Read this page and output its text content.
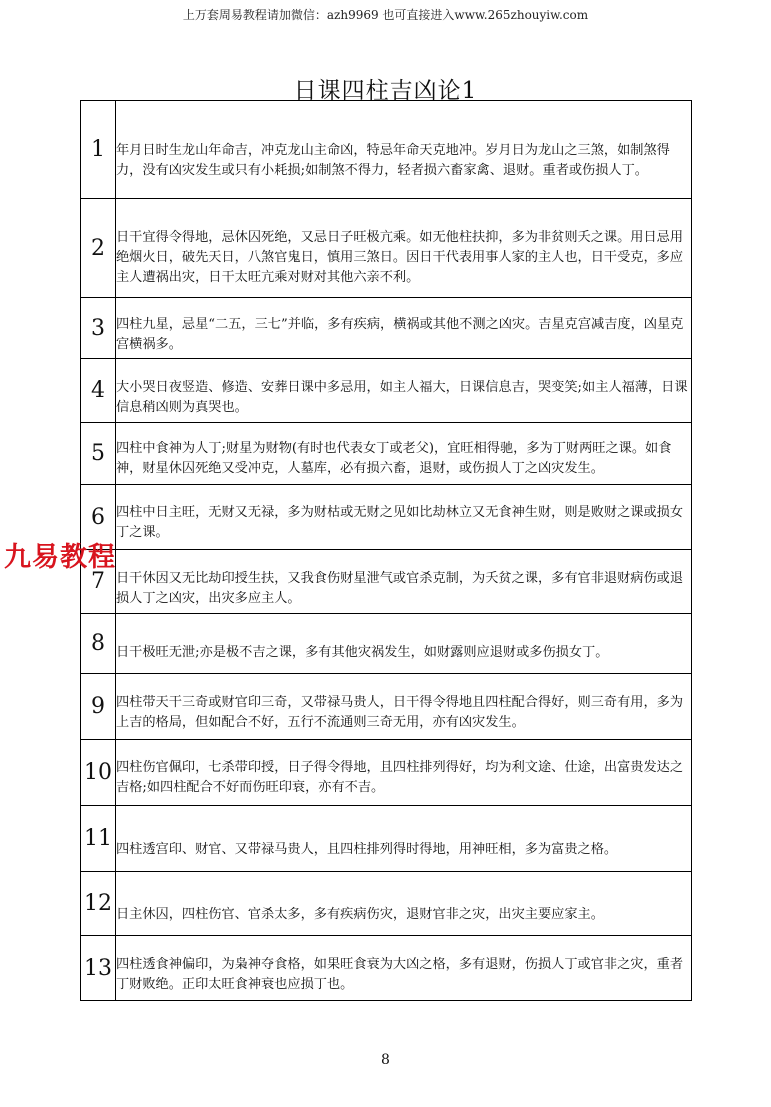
上万套周易教程请加微信：azh9969 也可直接进入www.265zhouyiw.com
日课四柱吉凶论1
1	年月日时生龙山年命吉，冲克龙山主命凶，特忌年命天克地冲。岁月日为龙山之三煞，如制煞得力，没有凶灾发生或只有小耗损;如制煞不得力，轻者损六畜家禽、退财。重者或伤损人丁。

2	日干宜得令得地，忌休囚死绝，又忌日子旺极亢乘。如无他柱扶抑，多为非贫则夭之课。用日忌用绝烟火日，破先天日，八煞官鬼日，慎用三煞日。因日干代表用事人家的主人也，日干受克，多应主人遭祸出灾，日干太旺亢乘对财对其他六亲不利。

3	四柱九星，忌星“二五，三七”并临，多有疾病，横祸或其他不测之凶灾。吉星克宫减吉度，凶星克宫横祸多。

4	大小哭日夜竖造、修造、安葬日课中多忌用，如主人福大，日课信息吉，哭变笑;如主人福薄，日课信息稍凶则为真哭也。

5	四柱中食神为人丁;财星为财物(有时也代表女丁或老父)，宜旺相得驰，多为丁财两旺之课。如食神，财星休囚死绝又受冲克，人墓库，必有损六畜，退财，或伤损人丁之凶灾发生。

6	四柱中日主旺，无财又无禄，多为财枯或无财之见如比劫林立又无食神生财，则是败财之课或损女丁之课。

7	日干休因又无比劫印授生扶，又我食伤财星泄气或官杀克制，为夭贫之课，多有官非退财病伤或退损人丁之凶灾，出灾多应主人。

8	日干极旺无泄;亦是极不吉之课，多有其他灾祸发生，如财露则应退财或多伤损女丁。

9	四柱带天干三奇或财官印三奇，又带禄马贵人，日干得令得地且四柱配合得好，则三奇有用，多为上吉的格局，但如配合不好，五行不流通则三奇无用，亦有凶灾发生。

10	四柱伤官佩印，七杀带印授，日子得令得地，且四柱排列得好，均为利文途、仕途，出富贵发达之吉格;如四柱配合不好而伤旺印衰，亦有不吉。

11	四柱透宫印、财官、又带禄马贵人，且四柱排列得时得地，用神旺相，多为富贵之格。

12	日主休囚，四柱伤官、官杀太多，多有疾病伤灾，退财官非之灾，出灾主要应家主。

13	四柱透食神偏印，为枭神夺食格，如果旺食衰为大凶之格，多有退财，伤损人丁或官非之灾，重者丁财败绝。正印太旺食神衰也应损丁也。
九易教程
8
